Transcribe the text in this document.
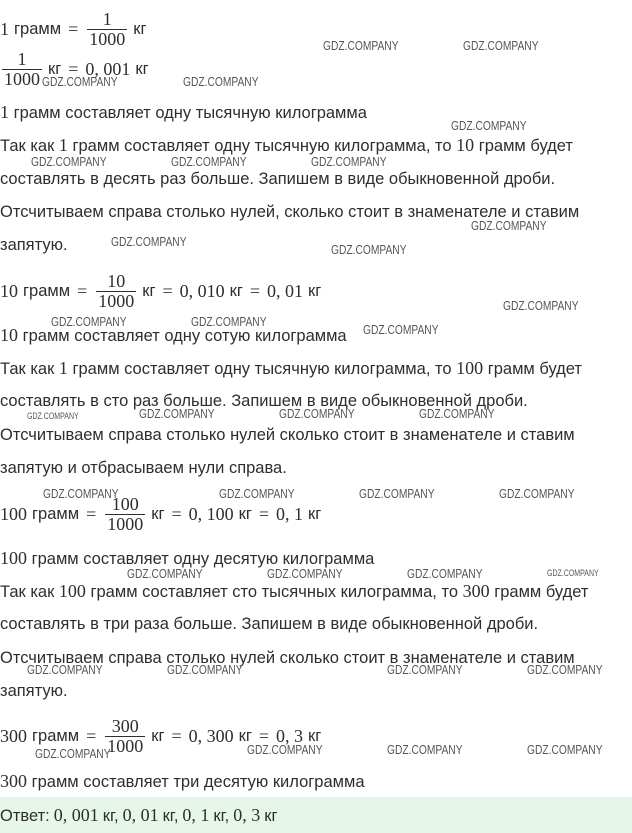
1 грамм = $\frac{1}{1000}$ кг
$\frac{1}{1000}$ кг = 0, 001 кг
1 грамм составляет одну тысячную килограмма
Так как 1 грамм составляет одну тысячную килограмма, то 10 грамм будет
составлять в десять раз больше. Запишем в виде обыкновенной дроби.
Отсчитываем справа столько нулей, сколько стоит в знаменателе и ставим
запятую.
10 грамм = $\frac{10}{1000}$ кг = 0, 010 кг = 0, 01 кг
10 грамм составляет одну сотую килограмма
Так как 1 грамм составляет одну тысячную килограмма, то 100 грамм будет
составлять в сто раз больше. Запишем в виде обыкновенной дроби.
Отсчитываем справа столько нулей сколько стоит в знаменателе и ставим
запятую и отбрасываем нули справа.
100 грамм = $\frac{100}{1000}$ кг = 0, 100 кг = 0, 1 кг
100 грамм составляет одну десятую килограмма
Так как 100 грамм составляет сто тысячных килограмма, то 300 грамм будет
составлять в три раза больше. Запишем в виде обыкновенной дроби.
Отсчитываем справа столько нулей сколько стоит в знаменателе и ставим
запятую.
300 грамм = $\frac{300}{1000}$ кг = 0, 300 кг = 0, 3 кг
300 грамм составляет три десятую килограмма
Ответ: 0, 001 кг, 0, 01 кг, 0, 1 кг, 0, 3 кг
GDZ.COMPANY	GDZ.COMPANY
GDZ.COMPANY	GDZ.COMPANY
GDZ.COMPANY
GDZ.COMPANY	GDZ.COMPANY	GDZ.COMPANY
GDZ.COMPANY
GDZ.COMPANY
GDZ.COMPANY
GDZ.COMPANY
GDZ.COMPANY	GDZ.COMPANY
GDZ.COMPANY
GDZ.COMPANY	GDZ.COMPANY	GDZ.COMPANY	GDZ.COMPANY
GDZ.COMPANY	GDZ.COMPANY	GDZ.COMPANY	GDZ.COMPANY
GDZ.COMPANY	GDZ.COMPANY	GDZ.COMPANY	GDZ.COMPANY
GDZ.COMPANY	GDZ.COMPANY	GDZ.COMPANY	GDZ.COMPANY
GDZ.COMPANY	GDZ.COMPANY	GDZ.COMPANY	GDZ.COMPANY
